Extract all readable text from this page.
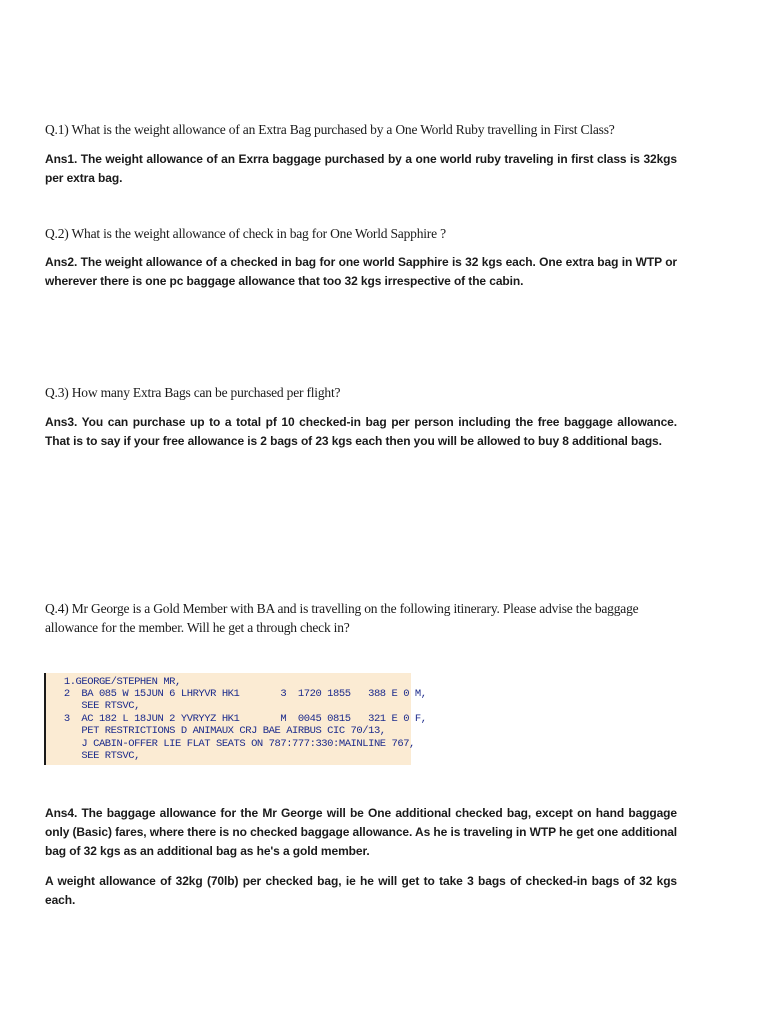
Q.1) What is the weight allowance of an Extra Bag purchased by a One World Ruby travelling in First Class?

Ans1. The weight allowance of an Exrra baggage purchased by a one world ruby traveling in first class is 32kgs per extra bag.

Q.2) What is the weight allowance of check in bag for One World Sapphire ?

Ans2. The weight allowance of a checked in bag for one world Sapphire is 32 kgs each. One extra bag in WTP or wherever there is one pc baggage allowance that too 32 kgs irrespective of the cabin.

Q.3) How many Extra Bags can be purchased per flight?

Ans3. You can purchase up to a total pf 10 checked-in bag per person including the free baggage allowance. That is to say if your free allowance is 2 bags of 23 kgs each then you will be allowed to buy 8 additional bags.

Q.4) Mr George is a Gold Member with BA and is travelling on the following itinerary. Please advise the baggage allowance for the member. Will he get a through check in?

1.GEORGE/STEPHEN MR,
2  BA 085 W 15JUN 6 LHRYVR HK1       3  1720 1855   388 E 0 M,
SEE RTSVC,
3  AC 182 L 18JUN 2 YVRYYZ HK1       M  0045 0815   321 E 0 F,
PET RESTRICTIONS D ANIMAUX CRJ BAE AIRBUS CIC 70/13,
J CABIN-OFFER LIE FLAT SEATS ON 787:777:330:MAINLINE 767,
SEE RTSVC,

Ans4. The baggage allowance for the Mr George will be One additional checked bag, except on hand baggage only (Basic) fares, where there is no checked baggage allowance. As he is traveling in WTP he get one additional bag of 32 kgs as an additional bag as he's a gold member.

A weight allowance of 32kg (70lb) per checked bag, ie he will get to take 3 bags of checked-in bags of 32 kgs each.
